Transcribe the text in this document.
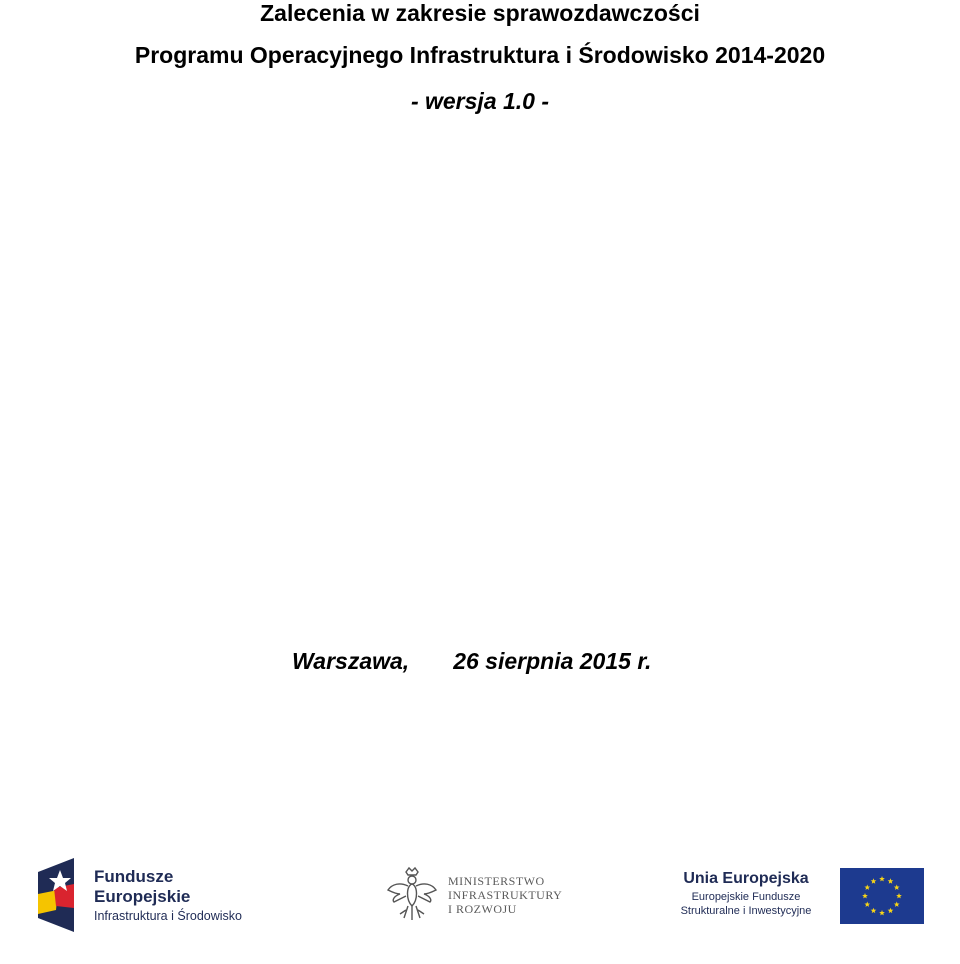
Zalecenia w zakresie sprawozdawczości
Programu Operacyjnego Infrastruktura i Środowisko 2014-2020
- wersja 1.0 -
Warszawa, 26 sierpnia 2015 r.
Fundusze
Europejskie
Infrastruktura i Środowisko
MINISTERSTWO
INFRASTRUKTURY
I ROZWOJU
Unia Europejska
Europejskie Fundusze
Strukturalne i Inwestycyjne
